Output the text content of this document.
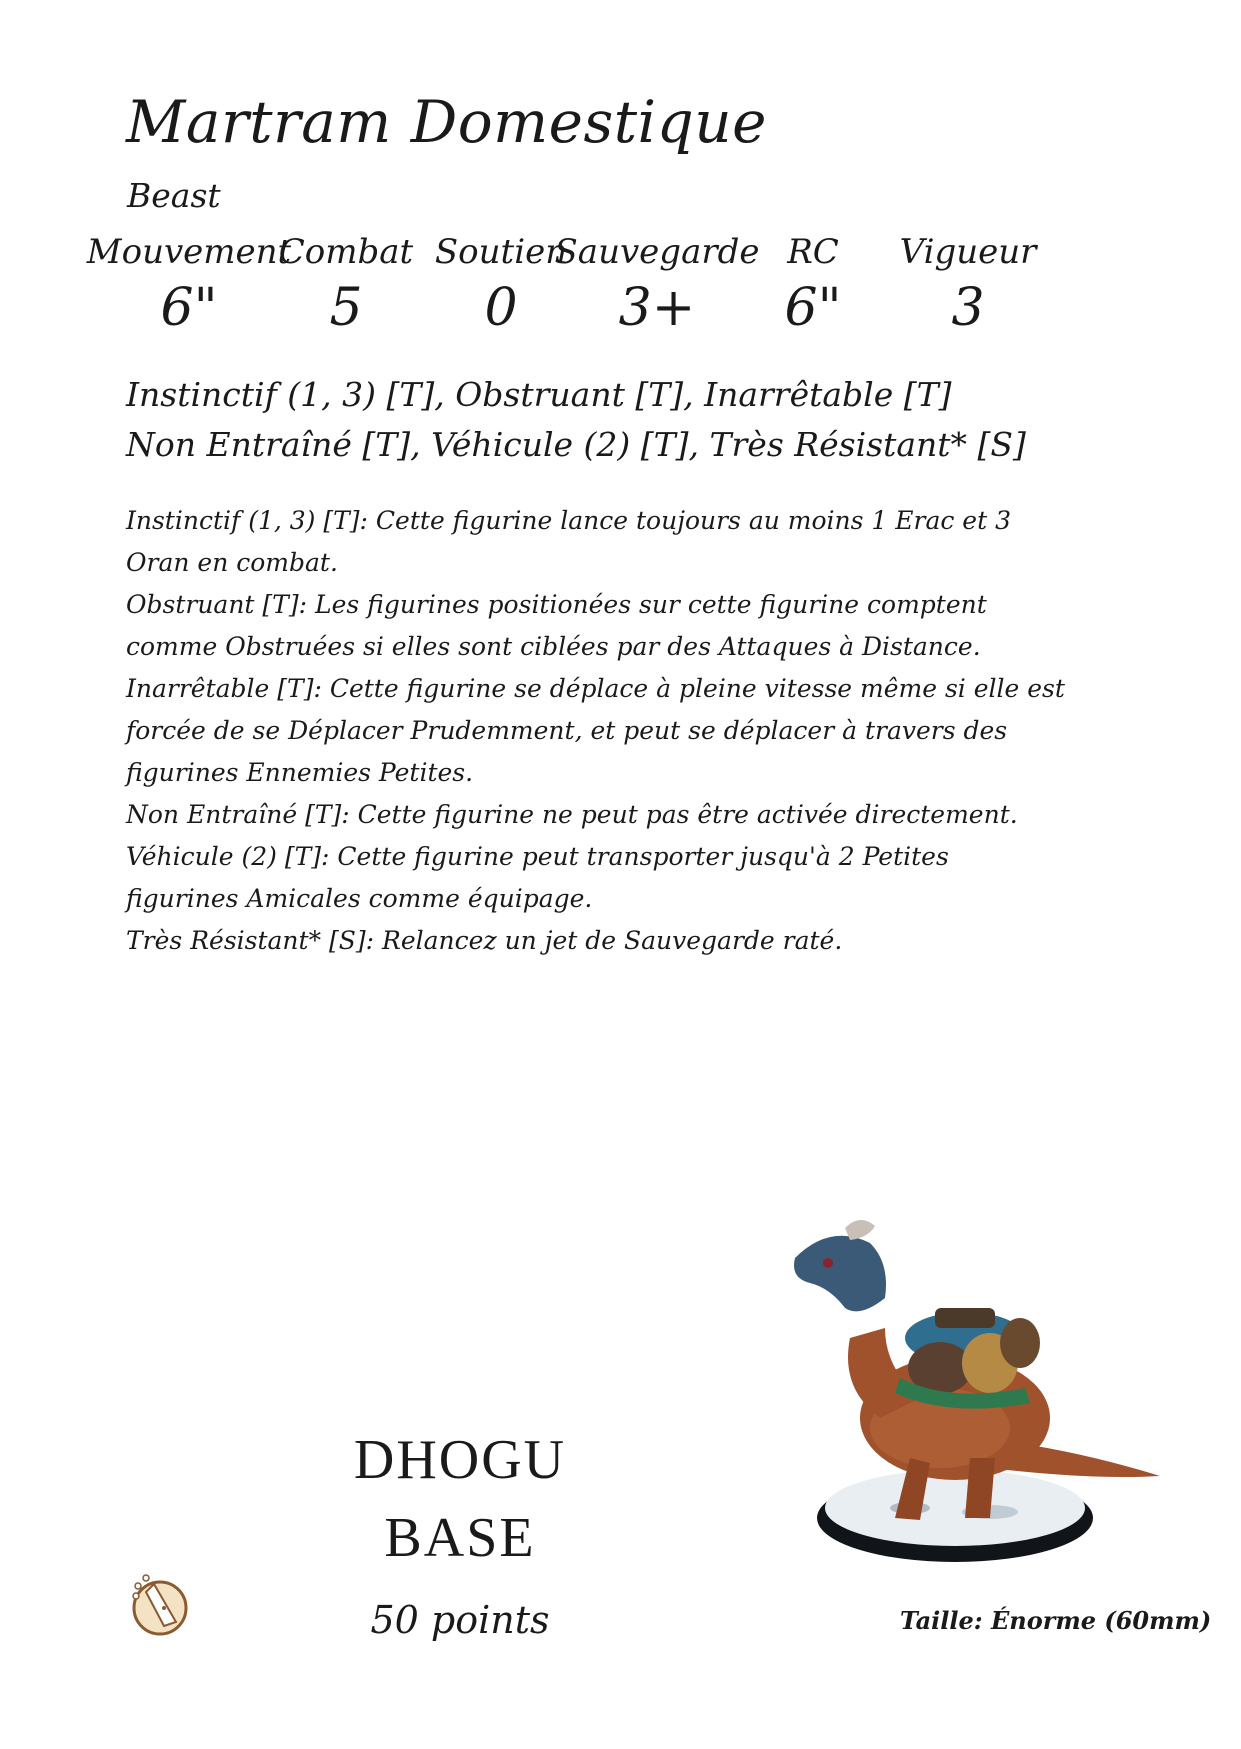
Martram Domestique
Beast
Mouvement
6"
Combat
5
Soutien
0
Sauvegarde
3+
RC
6"
Vigueur
3
Instinctif (1, 3) [T], Obstruant [T], Inarrêtable [T]
Non Entraîné [T], Véhicule (2) [T], Très Résistant* [S]
Instinctif (1, 3) [T]: Cette figurine lance toujours au moins 1 Erac et 3 Oran en combat.
Obstruant [T]: Les figurines positionées sur cette figurine comptent comme Obstruées si elles sont ciblées par des Attaques à Distance.
Inarrêtable [T]: Cette figurine se déplace à pleine vitesse même si elle est forcée de se Déplacer Prudemment, et peut se déplacer à travers des figurines Ennemies Petites.
Non Entraîné [T]: Cette figurine ne peut pas être activée directement.
Véhicule (2) [T]: Cette figurine peut transporter jusqu'à 2 Petites figurines Amicales comme équipage.
Très Résistant* [S]: Relancez un jet de Sauvegarde raté.
DHOGU
BASE
50 points	Taille: Énorme (60mm)
